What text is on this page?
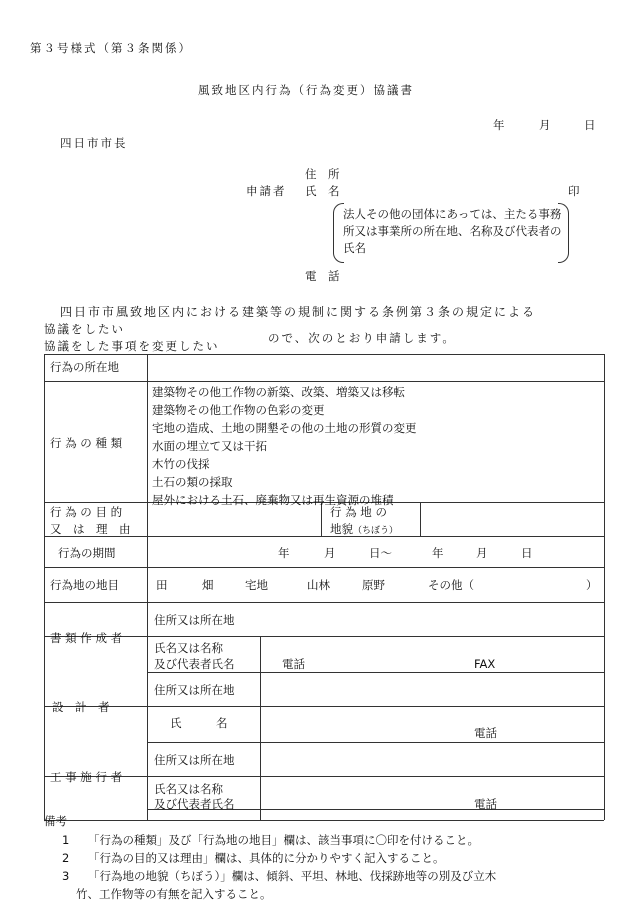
第３号様式（第３条関係）
風致地区内行為（行為変更）協議書
年	月	日
四日市市長
住　所
申請者 氏　名	印
法人その他の団体にあっては、主たる事務所又は事業所の所在地、名称及び代表者の氏名
電　話
四日市市風致地区内における建築等の規制に関する条例第３条の規定による
協議をしたい
協議をした事項を変更したい
ので、次のとおり申請します。
行為の所在地
行 為 の 種 類
建築物その他工作物の新築、改築、増築又は移転
建築物その他工作物の色彩の変更
宅地の造成、土地の開墾その他の土地の形質の変更
水面の埋立て又は干拓
木竹の伐採
土石の類の採取
屋外における土石、廃棄物又は再生資源の堆積
行 為 の 目 的
又　は　理　由
行 為 地 の
地貌（ちぼう）
行為の期間	年	月	日～	年	月	日
行為地の地目	田	畑	宅地	山林	原野	その他（	）
書 類 作 成 者
住所又は所在地
氏名又は名称
及び代表者氏名	電話	FAX
設　計　者
住所又は所在地
氏　　　名
電話
工 事 施 行 者
住所又は所在地
氏名又は名称
及び代表者氏名	電話
備考
1 「行為の種類」及び「行為地の地目」欄は、該当事項に〇印を付けること。
2 「行為の目的又は理由」欄は、具体的に分かりやすく記入すること。
3 「行為地の地貌（ちぼう）」欄は、傾斜、平坦、林地、伐採跡地等の別及び立木
竹、工作物等の有無を記入すること。
